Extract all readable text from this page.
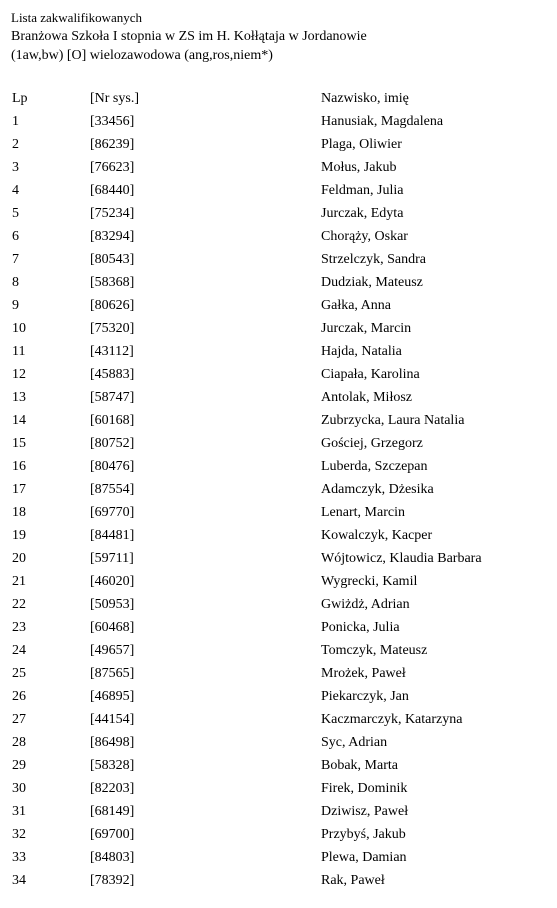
Lista zakwalifikowanych
Branżowa Szkoła I stopnia w ZS im H. Kołłątaja w Jordanowie
(1aw,bw) [O] wielozawodowa (ang,ros,niem*)
Lp	[Nr sys.]	Nazwisko, imię
1	[33456]	Hanusiak, Magdalena
2	[86239]	Plaga, Oliwier
3	[76623]	Mołus, Jakub
4	[68440]	Feldman, Julia
5	[75234]	Jurczak, Edyta
6	[83294]	Chorąży, Oskar
7	[80543]	Strzelczyk, Sandra
8	[58368]	Dudziak, Mateusz
9	[80626]	Gałka, Anna
10	[75320]	Jurczak, Marcin
11	[43112]	Hajda, Natalia
12	[45883]	Ciapała, Karolina
13	[58747]	Antolak, Miłosz
14	[60168]	Zubrzycka, Laura Natalia
15	[80752]	Gościej, Grzegorz
16	[80476]	Luberda, Szczepan
17	[87554]	Adamczyk, Dżesika
18	[69770]	Lenart, Marcin
19	[84481]	Kowalczyk, Kacper
20	[59711]	Wójtowicz, Klaudia Barbara
21	[46020]	Wygrecki, Kamil
22	[50953]	Gwiżdż, Adrian
23	[60468]	Ponicka, Julia
24	[49657]	Tomczyk, Mateusz
25	[87565]	Mrożek, Paweł
26	[46895]	Piekarczyk, Jan
27	[44154]	Kaczmarczyk, Katarzyna
28	[86498]	Syc, Adrian
29	[58328]	Bobak, Marta
30	[82203]	Firek, Dominik
31	[68149]	Dziwisz, Paweł
32	[69700]	Przybyś, Jakub
33	[84803]	Plewa, Damian
34	[78392]	Rak, Paweł
